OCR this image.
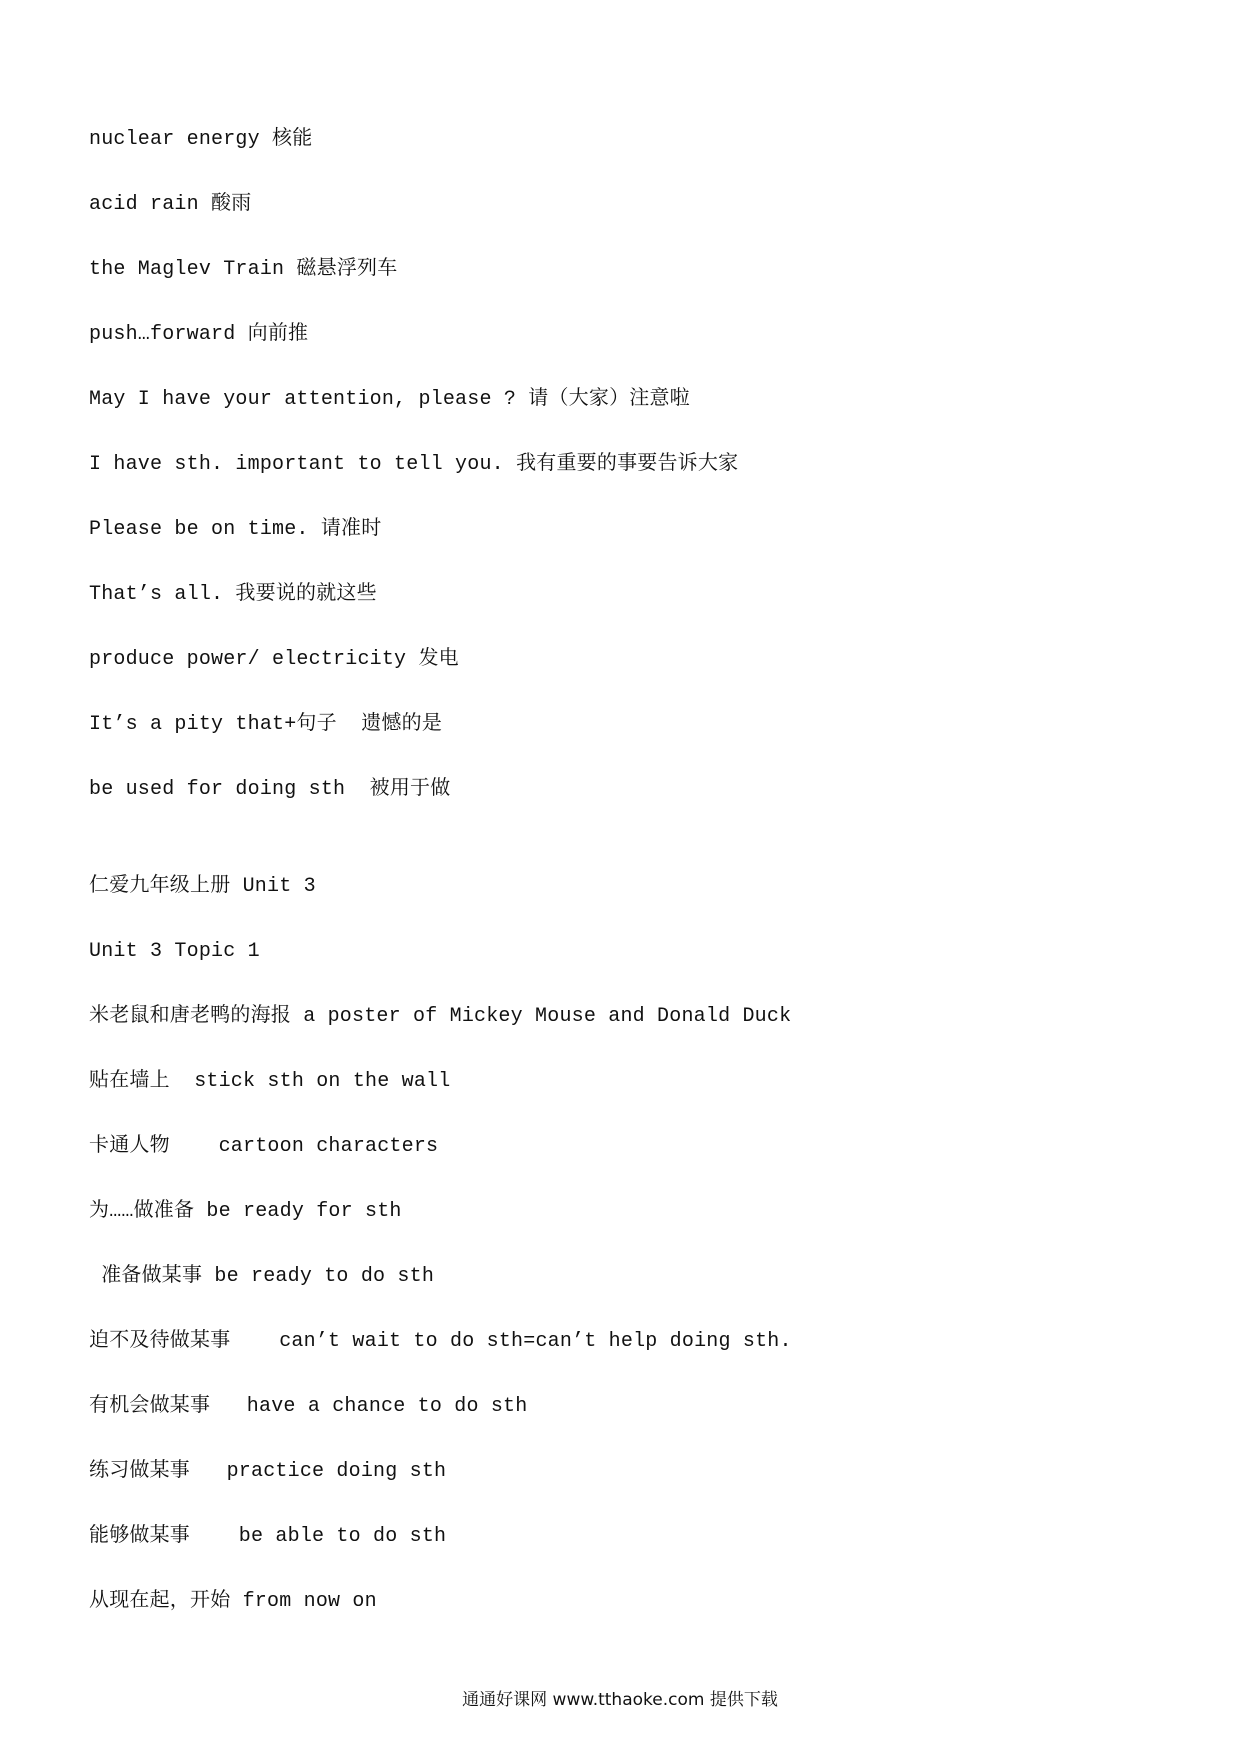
nuclear energy 核能
acid rain 酸雨
the Maglev Train 磁悬浮列车
push…forward 向前推
May I have your attention, please ? 请（大家）注意啦
I have sth. important to tell you. 我有重要的事要告诉大家
Please be on time. 请准时
That’s all. 我要说的就这些
produce power/ electricity 发电
It’s a pity that+句子  遗憾的是
be used for doing sth  被用于做
仁爱九年级上册 Unit 3
Unit 3 Topic 1
米老鼠和唐老鸭的海报 a poster of Mickey Mouse and Donald Duck
贴在墙上  stick sth on the wall
卡通人物    cartoon characters
为……做准备 be ready for sth
准备做某事 be ready to do sth
迫不及待做某事    can’t wait to do sth=can’t help doing sth.
有机会做某事   have a chance to do sth
练习做某事   practice doing sth
能够做某事    be able to do sth
从现在起，开始 from now on
通通好课网 www.tthaoke.com 提供下载
